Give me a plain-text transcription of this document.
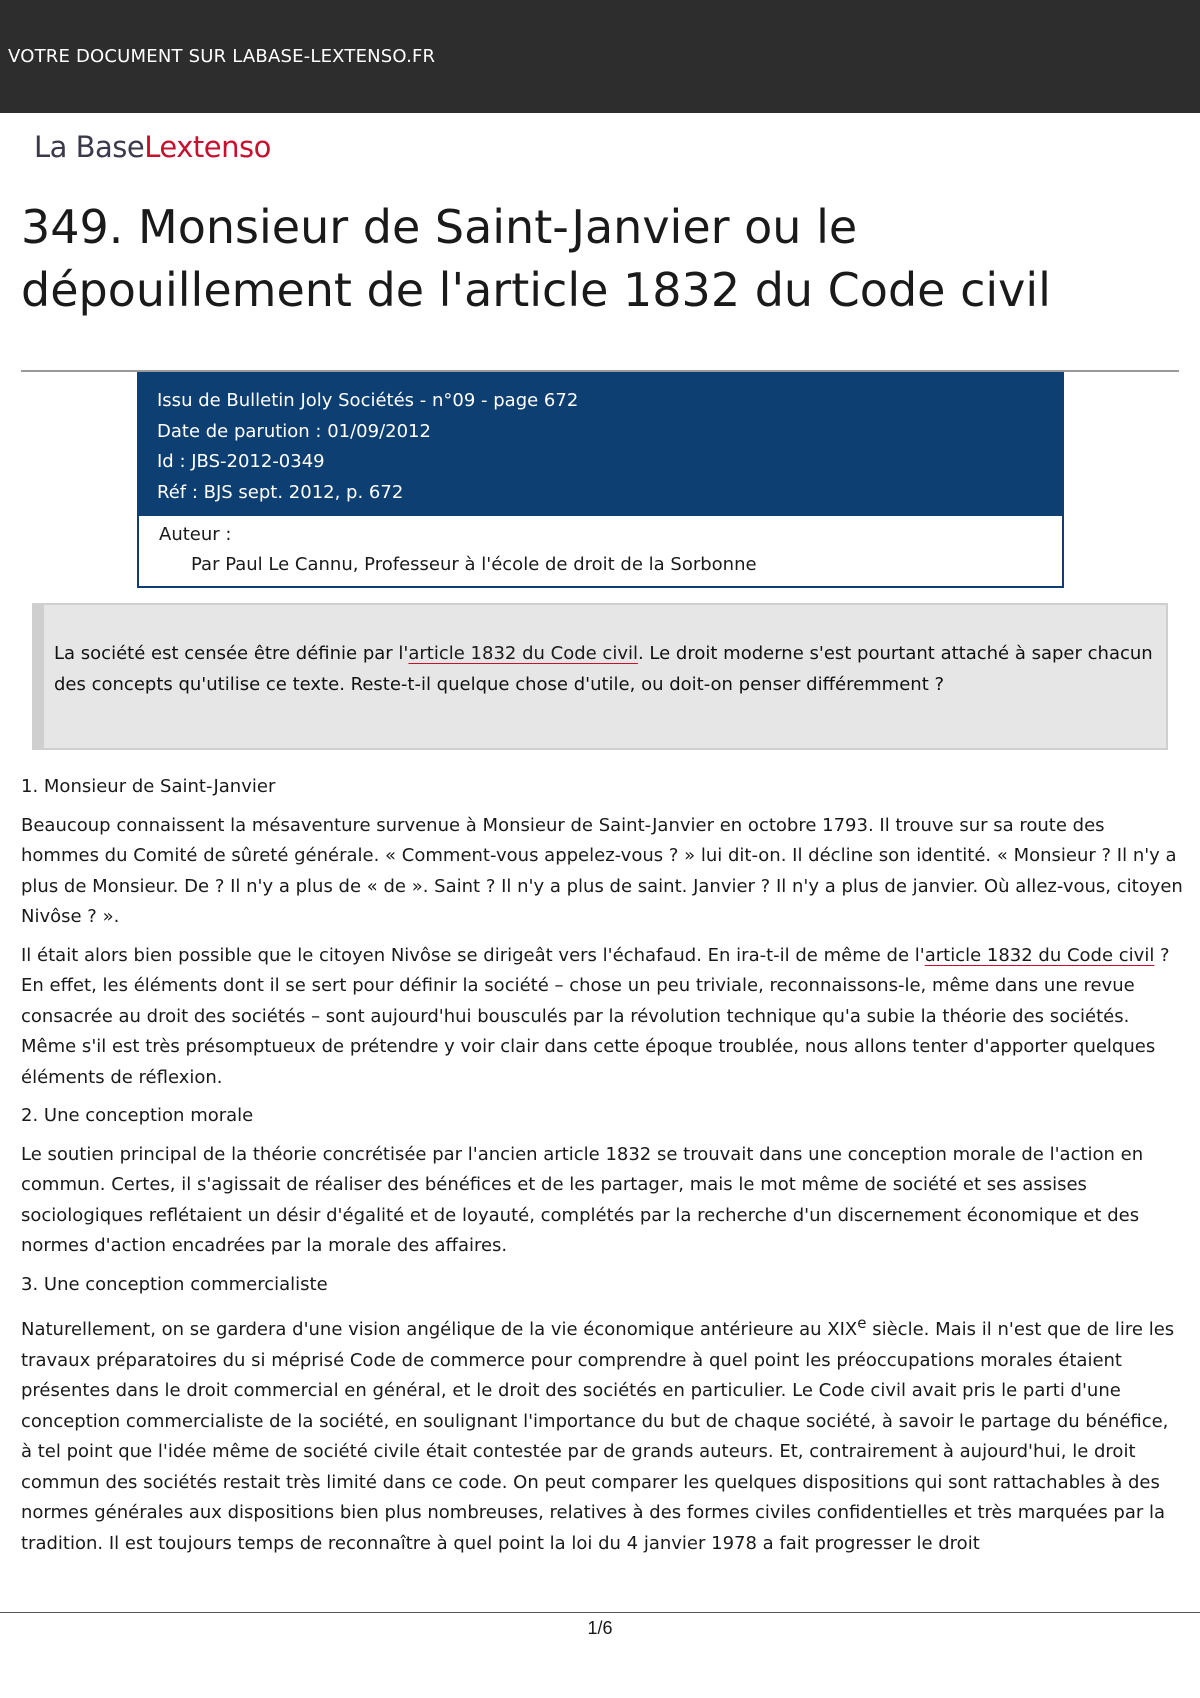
VOTRE DOCUMENT SUR LABASE-LEXTENSO.FR
La BaseLextenso
349. Monsieur de Saint-Janvier ou le
dépouillement de l'article 1832 du Code civil
Issu de Bulletin Joly Sociétés - n°09 - page 672
Date de parution : 01/09/2012
Id : JBS-2012-0349
Réf : BJS sept. 2012, p. 672
Auteur :
Par Paul Le Cannu, Professeur à l'école de droit de la Sorbonne
La société est censée être définie par l'article 1832 du Code civil. Le droit moderne s'est pourtant attaché à saper chacun des concepts qu'utilise ce texte. Reste-t-il quelque chose d'utile, ou doit-on penser différemment ?
1. Monsieur de Saint-Janvier

Beaucoup connaissent la mésaventure survenue à Monsieur de Saint-Janvier en octobre 1793. Il trouve sur sa route des hommes du Comité de sûreté générale. « Comment-vous appelez-vous ? » lui dit-on. Il décline son identité. « Monsieur ? Il n'y a plus de Monsieur. De ? Il n'y a plus de « de ». Saint ? Il n'y a plus de saint. Janvier ? Il n'y a plus de janvier. Où allez-vous, citoyen Nivôse ? ».

Il était alors bien possible que le citoyen Nivôse se dirigeât vers l'échafaud. En ira-t-il de même de l'article 1832 du Code civil ? En effet, les éléments dont il se sert pour définir la société – chose un peu triviale, reconnaissons-le, même dans une revue consacrée au droit des sociétés – sont aujourd'hui bousculés par la révolution technique qu'a subie la théorie des sociétés. Même s'il est très présomptueux de prétendre y voir clair dans cette époque troublée, nous allons tenter d'apporter quelques éléments de réflexion.

2. Une conception morale

Le soutien principal de la théorie concrétisée par l'ancien article 1832 se trouvait dans une conception morale de l'action en commun. Certes, il s'agissait de réaliser des bénéfices et de les partager, mais le mot même de société et ses assises sociologiques reflétaient un désir d'égalité et de loyauté, complétés par la recherche d'un discernement économique et des normes d'action encadrées par la morale des affaires.

3. Une conception commercialiste

Naturellement, on se gardera d'une vision angélique de la vie économique antérieure au XIXe siècle. Mais il n'est que de lire les travaux préparatoires du si méprisé Code de commerce pour comprendre à quel point les préoccupations morales étaient présentes dans le droit commercial en général, et le droit des sociétés en particulier. Le Code civil avait pris le parti d'une conception commercialiste de la société, en soulignant l'importance du but de chaque société, à savoir le partage du bénéfice, à tel point que l'idée même de société civile était contestée par de grands auteurs. Et, contrairement à aujourd'hui, le droit commun des sociétés restait très limité dans ce code. On peut comparer les quelques dispositions qui sont rattachables à des normes générales aux dispositions bien plus nombreuses, relatives à des formes civiles confidentielles et très marquées par la tradition. Il est toujours temps de reconnaître à quel point la loi du 4 janvier 1978 a fait progresser le droit

1/6
